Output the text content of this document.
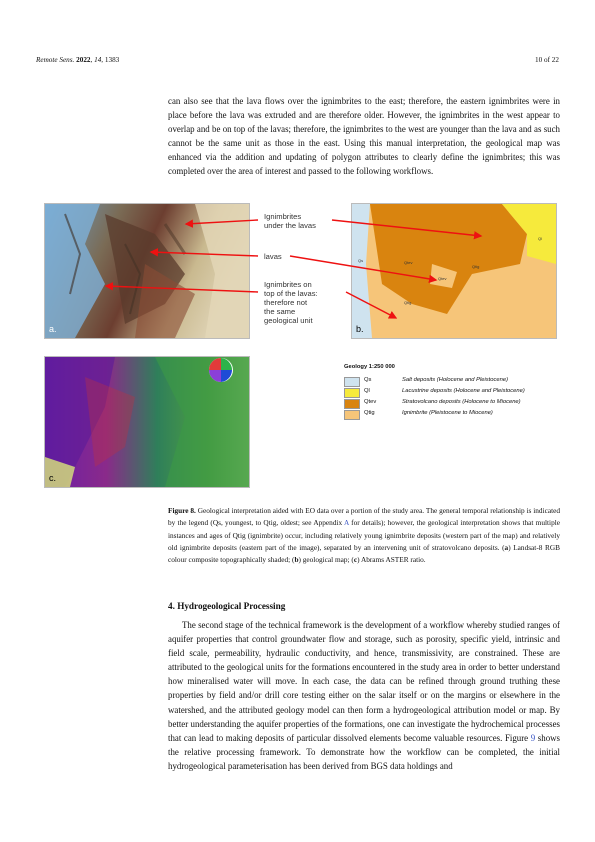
Remote Sens. 2022, 14, 1383	10 of 22

can also see that the lava flows over the ignimbrites to the east; therefore, the eastern ignimbrites were in place before the lava was extruded and are therefore older. However, the ignimbrites in the west appear to overlap and be on top of the lavas; therefore, the ignimbrites to the west are younger than the lava and as such cannot be the same unit as those in the east. Using this manual interpretation, the geological map was enhanced via the addition and updating of polygon attributes to clearly define the ignimbrites; this was completed over the area of interest and passed to the following workflows.

a.
c.
Ignimbrites
under the lavas
lavas
Ignimbrites on
top of the lavas:
therefore not
the same
geological unit
Qs	Qtev
Qtig
Qtev
Qtig
Ql
b.
Geology 1:250 000
Qs	Salt deposits (Holocene and Pleistocene)
Ql	Lacustrine deposits (Holocene and Pleistocene)
Qtev	Stratovolcano deposits (Holocene to Miocene)
Qtig	Ignimbrite (Pleistocene to Miocene)

Figure 8. Geological interpretation aided with EO data over a portion of the study area. The general temporal relationship is indicated by the legend (Qs, youngest, to Qtig, oldest; see Appendix A for details); however, the geological interpretation shows that multiple instances and ages of Qtig (ignimbrite) occur, including relatively young ignimbrite deposits (western part of the map) and relatively old ignimbrite deposits (eastern part of the image), separated by an intervening unit of stratovolcano deposits. (a) Landsat-8 RGB colour composite topographically shaded; (b) geological map; (c) Abrams ASTER ratio.

4. Hydrogeological Processing

The second stage of the technical framework is the development of a workflow whereby studied ranges of aquifer properties that control groundwater flow and storage, such as porosity, specific yield, intrinsic and field scale, permeability, hydraulic conductivity, and hence, transmissivity, are constrained. These are attributed to the geological units for the formations encountered in the study area in order to better understand how mineralised water will move. In each case, the data can be refined through ground truthing these properties by field and/or drill core testing either on the salar itself or on the margins or elsewhere in the watershed, and the attributed geology model can then form a hydrogeological attribution model or map. By better understanding the aquifer properties of the formations, one can investigate the hydrochemical processes that can lead to making deposits of particular dissolved elements become valuable resources. Figure 9 shows the relative processing framework. To demonstrate how the workflow can be completed, the initial hydrogeological parameterisation has been derived from BGS data holdings and
